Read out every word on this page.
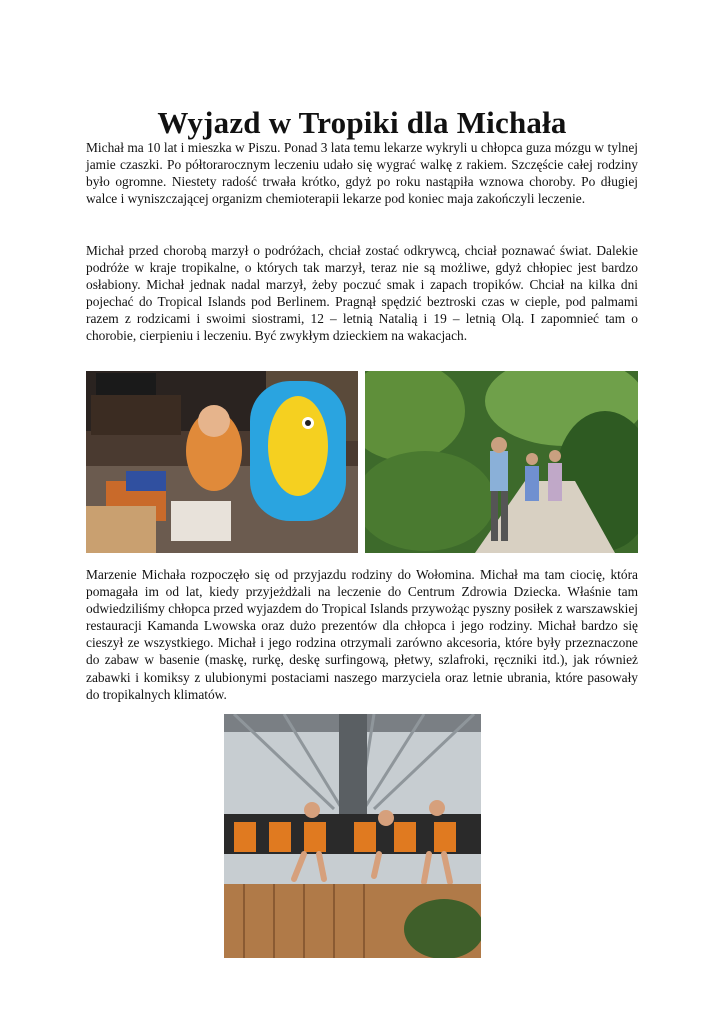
Wyjazd w Tropiki dla Michała

Michał ma 10 lat i mieszka w Piszu. Ponad 3 lata temu lekarze wykryli u chłopca guza mózgu w tylnej jamie czaszki. Po półtorarocznym leczeniu udało się wygrać walkę z rakiem. Szczęście całej rodziny było ogromne. Niestety radość trwała krótko, gdyż po roku nastąpiła wznowa choroby. Po długiej walce i wyniszczającej organizm chemioterapii lekarze pod koniec maja zakończyli leczenie.

Michał przed chorobą marzył o podróżach, chciał zostać odkrywcą, chciał poznawać świat. Dalekie podróże w kraje tropikalne, o których tak marzył, teraz nie są możliwe, gdyż chłopiec jest bardzo osłabiony. Michał jednak nadal marzył, żeby poczuć smak i zapach tropików. Chciał na kilka dni pojechać do Tropical Islands pod Berlinem. Pragnął spędzić beztroski czas w cieple, pod palmami razem z rodzicami i swoimi siostrami, 12 – letnią Natalią i 19 – letnią Olą. I zapomnieć tam o chorobie, cierpieniu i leczeniu. Być zwykłym dzieckiem na wakacjach.

Marzenie Michała rozpoczęło się od przyjazdu rodziny do Wołomina. Michał ma tam ciocię, która pomagała im od lat, kiedy przyjeżdżali na leczenie do Centrum Zdrowia Dziecka. Właśnie tam odwiedziliśmy chłopca przed wyjazdem do Tropical Islands przywożąc pyszny posiłek z warszawskiej restauracji Kamanda Lwowska oraz dużo prezentów dla chłopca i jego rodziny. Michał bardzo się cieszył ze wszystkiego. Michał i jego rodzina otrzymali zarówno akcesoria, które były przeznaczone do zabaw w basenie (maskę, rurkę, deskę surfingową, płetwy, szlafroki, ręczniki itd.), jak również zabawki i komiksy z ulubionymi postaciami naszego marzyciela oraz letnie ubrania, które pasowały do tropikalnych klimatów.
